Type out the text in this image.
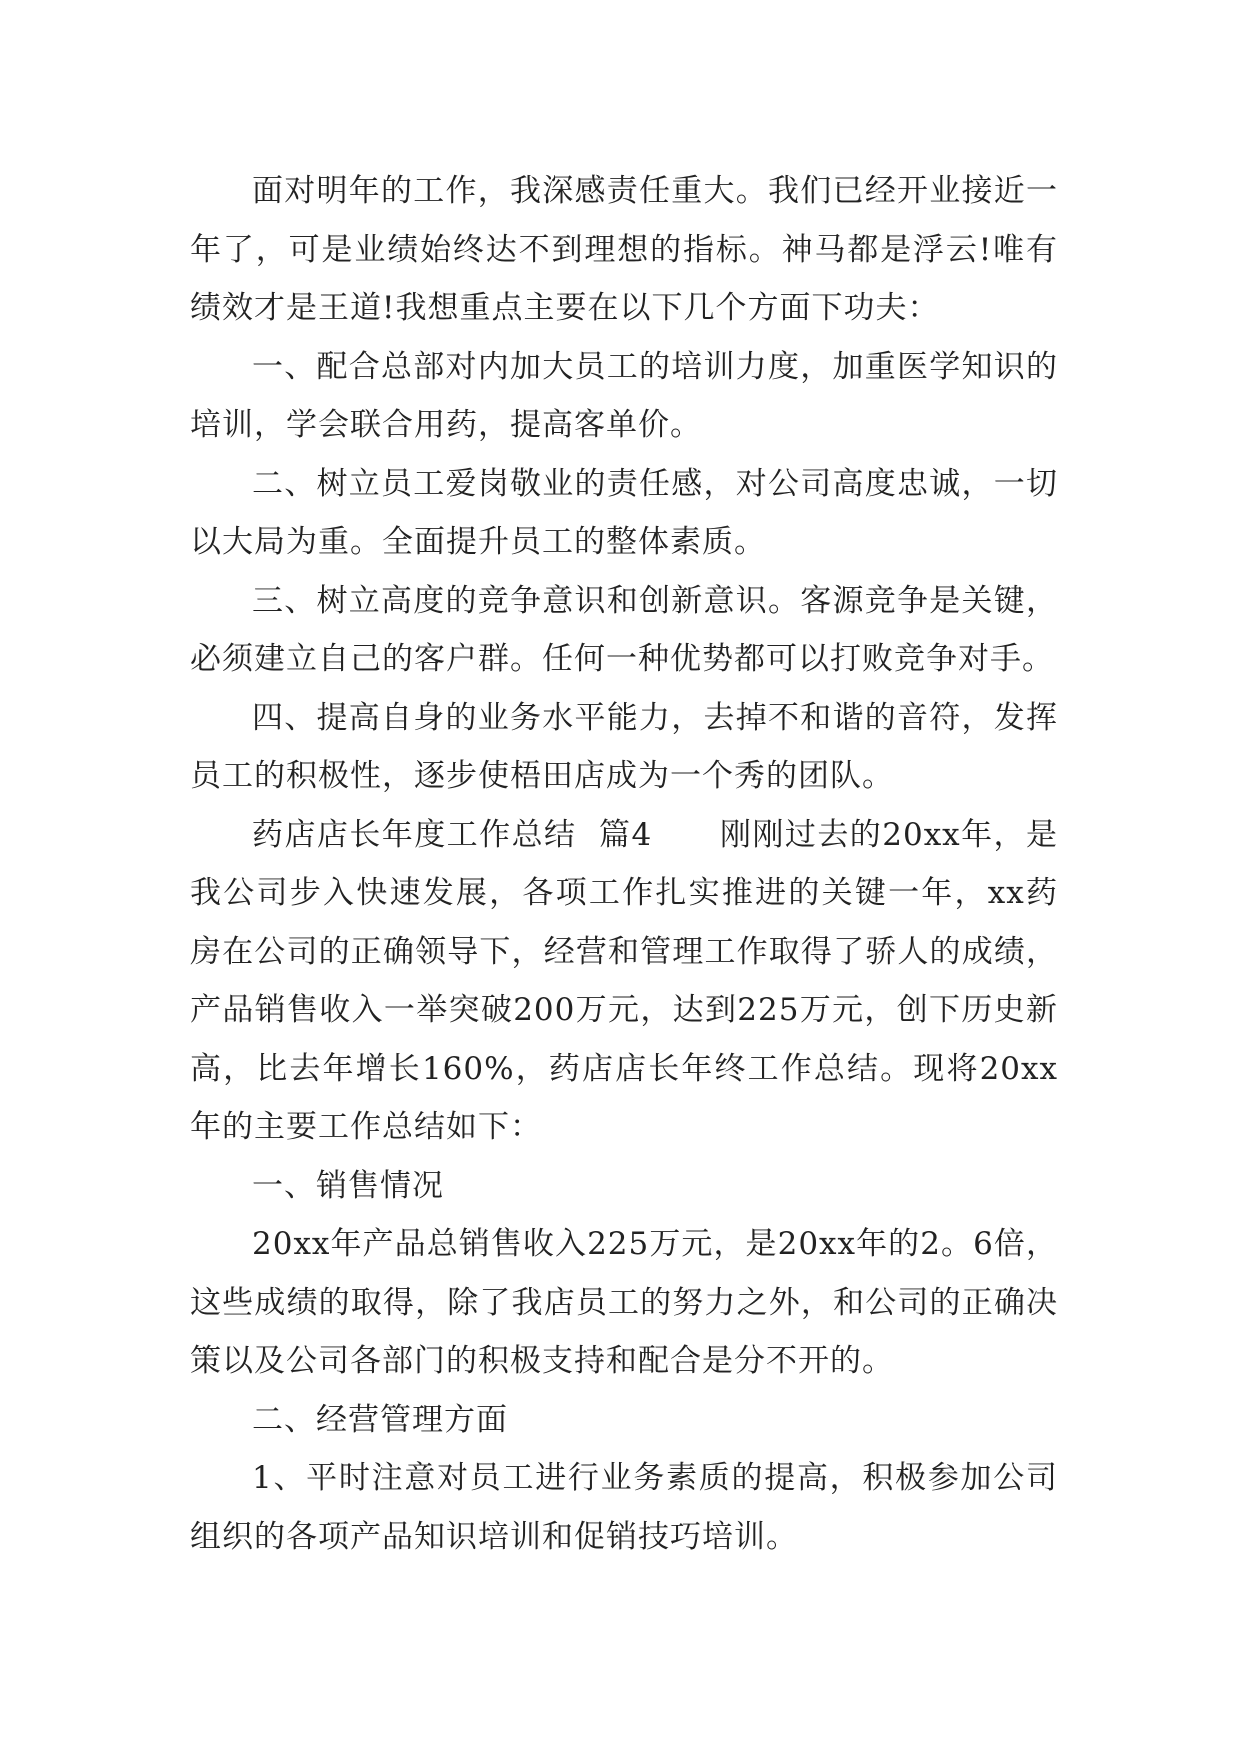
面对明年的工作，我深感责任重大。我们已经开业接近一年了，可是业绩始终达不到理想的指标。神马都是浮云!唯有绩效才是王道!我想重点主要在以下几个方面下功夫：

一、配合总部对内加大员工的培训力度，加重医学知识的培训，学会联合用药，提高客单价。

二、树立员工爱岗敬业的责任感，对公司高度忠诚，一切以大局为重。全面提升员工的整体素质。

三、树立高度的竞争意识和创新意识。客源竞争是关键，必须建立自己的客户群。任何一种优势都可以打败竞争对手。

四、提高自身的业务水平能力，去掉不和谐的音符，发挥员工的积极性，逐步使梧田店成为一个秀的团队。

药店店长年度工作总结  篇4      刚刚过去的20xx年，是我公司步入快速发展，各项工作扎实推进的关键一年，xx药房在公司的正确领导下，经营和管理工作取得了骄人的成绩，产品销售收入一举突破200万元，达到225万元，创下历史新高，比去年增长160%，药店店长年终工作总结。现将20xx年的主要工作总结如下：

一、销售情况

20xx年产品总销售收入225万元，是20xx年的2。6倍，这些成绩的取得，除了我店员工的努力之外，和公司的正确决策以及公司各部门的积极支持和配合是分不开的。

二、经营管理方面

1、平时注意对员工进行业务素质的提高，积极参加公司组织的各项产品知识培训和促销技巧培训。
